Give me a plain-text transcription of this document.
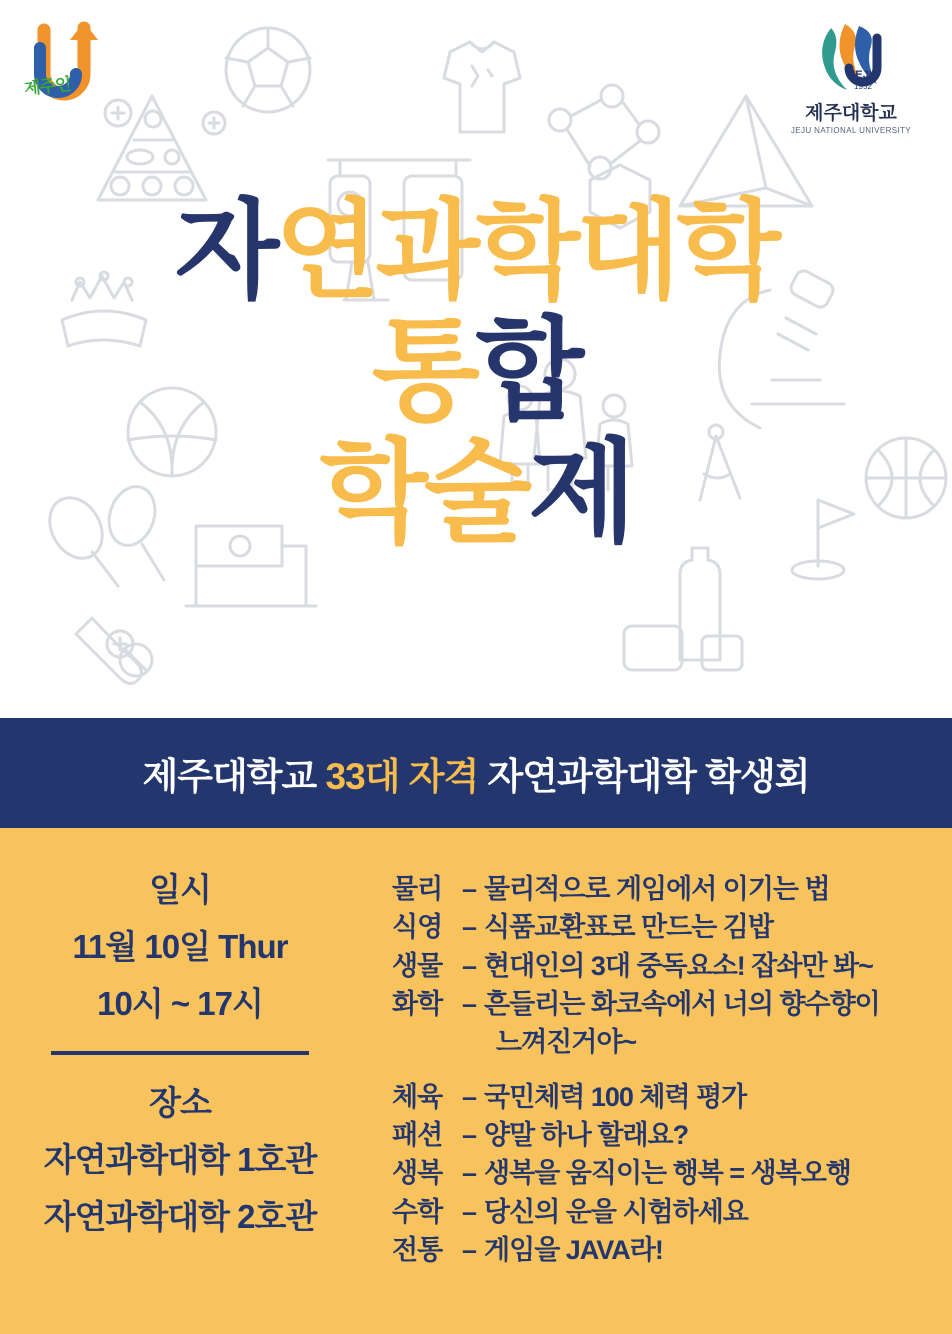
제주인	JEJU
1952
제주대학교
JEJU NATIONAL UNIVERSITY
자연과학대학
통합
학술제
제주대학교 33대 자격 자연과학대학 학생회
일시
11월 10일 Thur
10시 ~ 17시
장소
자연과학대학 1호관
자연과학대학 2호관
물리 – 물리적으로 게임에서 이기는 법
식영 – 식품교환표로 만드는 김밥
생물 – 현대인의 3대 중독요소! 잡솨만 봐~
화학 – 흔들리는 화코속에서 너의 향수향이
느껴진거야~
체육 – 국민체력 100 체력 평가
패션 – 양말 하나 할래요?
생복 – 생복을 움직이는 행복 = 생복오행
수학 – 당신의 운을 시험하세요
전통 – 게임을 JAVA라!
